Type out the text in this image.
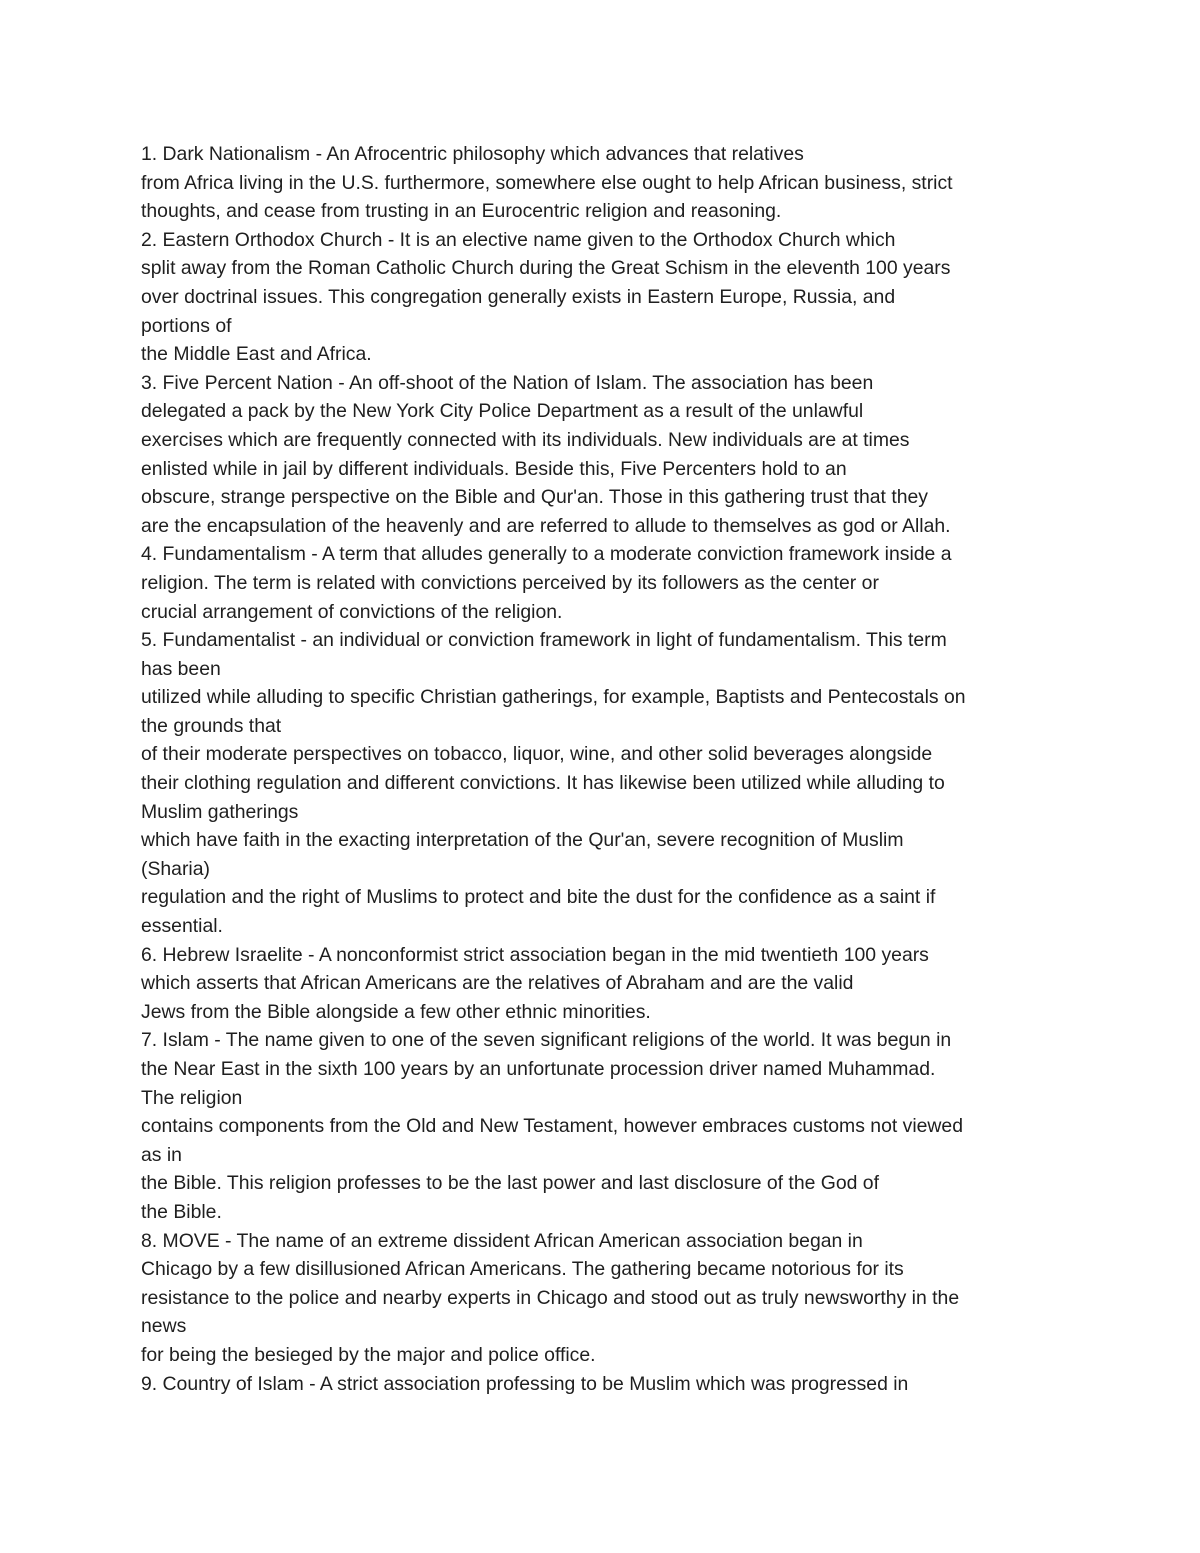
1. Dark Nationalism - An Afrocentric philosophy which advances that relatives
from Africa living in the U.S. furthermore, somewhere else ought to help African business, strict
thoughts, and cease from trusting in an Eurocentric religion and reasoning.
2. Eastern Orthodox Church - It is an elective name given to the Orthodox Church which
split away from the Roman Catholic Church during the Great Schism in the eleventh 100 years
over doctrinal issues. This congregation generally exists in Eastern Europe, Russia, and
portions of
the Middle East and Africa.
3. Five Percent Nation - An off-shoot of the Nation of Islam. The association has been
delegated a pack by the New York City Police Department as a result of the unlawful
exercises which are frequently connected with its individuals. New individuals are at times
enlisted while in jail by different individuals. Beside this, Five Percenters hold to an
obscure, strange perspective on the Bible and Qur'an. Those in this gathering trust that they
are the encapsulation of the heavenly and are referred to allude to themselves as god or Allah.
4. Fundamentalism - A term that alludes generally to a moderate conviction framework inside a
religion. The term is related with convictions perceived by its followers as the center or
crucial arrangement of convictions of the religion.
5. Fundamentalist - an individual or conviction framework in light of fundamentalism. This term
has been
utilized while alluding to specific Christian gatherings, for example, Baptists and Pentecostals on
the grounds that
of their moderate perspectives on tobacco, liquor, wine, and other solid beverages alongside
their clothing regulation and different convictions. It has likewise been utilized while alluding to
Muslim gatherings
which have faith in the exacting interpretation of the Qur'an, severe recognition of Muslim
(Sharia)
regulation and the right of Muslims to protect and bite the dust for the confidence as a saint if
essential.
6. Hebrew Israelite - A nonconformist strict association began in the mid twentieth 100 years
which asserts that African Americans are the relatives of Abraham and are the valid
Jews from the Bible alongside a few other ethnic minorities.
7. Islam - The name given to one of the seven significant religions of the world. It was begun in
the Near East in the sixth 100 years by an unfortunate procession driver named Muhammad.
The religion
contains components from the Old and New Testament, however embraces customs not viewed
as in
the Bible. This religion professes to be the last power and last disclosure of the God of
the Bible.
8. MOVE - The name of an extreme dissident African American association began in
Chicago by a few disillusioned African Americans. The gathering became notorious for its
resistance to the police and nearby experts in Chicago and stood out as truly newsworthy in the
news
for being the besieged by the major and police office.
9. Country of Islam - A strict association professing to be Muslim which was progressed in
